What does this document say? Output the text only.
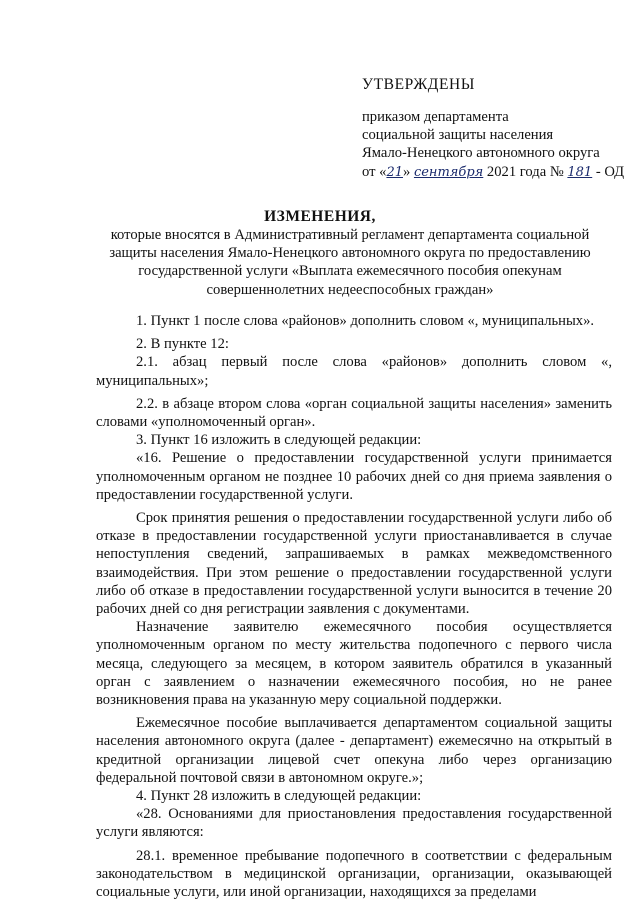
УТВЕРЖДЕНЫ
приказом департамента
социальной защиты населения
Ямало-Ненецкого автономного округа
от «21» сентября 2021 года № 181 - ОД
ИЗМЕНЕНИЯ,
которые вносятся в Административный регламент департамента социальной
защиты населения Ямало-Ненецкого автономного округа по предоставлению
государственной услуги «Выплата ежемесячного пособия опекунам
совершеннолетних недееспособных граждан»

1. Пункт 1 после слова «районов» дополнить словом «, муниципальных».

2. В пункте 12:

2.1. абзац первый после слова «районов» дополнить словом «, муниципальных»;

2.2. в абзаце втором слова «орган социальной защиты населения» заменить словами «уполномоченный орган».

3. Пункт 16 изложить в следующей редакции:

«16. Решение о предоставлении государственной услуги принимается уполномоченным органом не позднее 10 рабочих дней со дня приема заявления о предоставлении государственной услуги.

Срок принятия решения о предоставлении государственной услуги либо об отказе в предоставлении государственной услуги приостанавливается в случае непоступления сведений, запрашиваемых в рамках межведомственного взаимодействия. При этом решение о предоставлении государственной услуги либо об отказе в предоставлении государственной услуги выносится в течение 20 рабочих дней со дня регистрации заявления с документами.

Назначение заявителю ежемесячного пособия осуществляется уполномоченным органом по месту жительства подопечного с первого числа месяца, следующего за месяцем, в котором заявитель обратился в указанный орган с заявлением о назначении ежемесячного пособия, но не ранее возникновения права на указанную меру социальной поддержки.

Ежемесячное пособие выплачивается департаментом социальной защиты населения автономного округа (далее - департамент) ежемесячно на открытый в кредитной организации лицевой счет опекуна либо через организацию федеральной почтовой связи в автономном округе.»;

4. Пункт 28 изложить в следующей редакции:

«28. Основаниями для приостановления предоставления государственной услуги являются:

28.1. временное пребывание подопечного в соответствии с федеральным законодательством в медицинской организации, организации, оказывающей социальные услуги, или иной организации, находящихся за пределами
